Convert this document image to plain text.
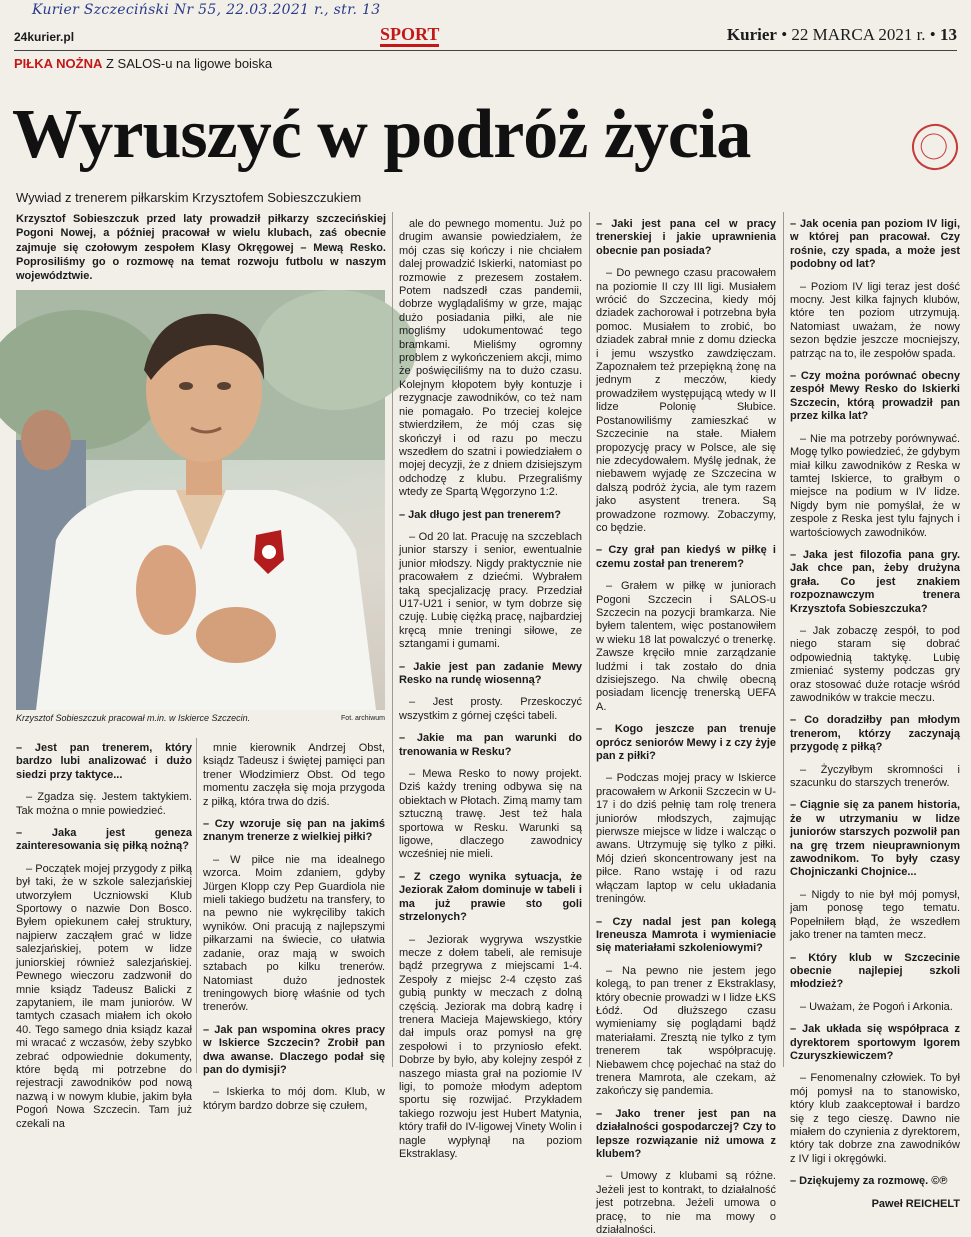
Kurier Szczeciński Nr 55, 22.03.2021 r., str. 13
24kurier.pl	SPORT	Kurier • 22 MARCA 2021 r. • 13
PIŁKA NOŻNA Z SALOS-u na ligowe boiska
Wyruszyć w podróż życia
Wywiad z trenerem piłkarskim Krzysztofem Sobieszczukiem
Krzysztof Sobieszczuk przed laty prowadził piłkarzy szczecińskiej Pogoni Nowej, a później pracował w wielu klubach, zaś obecnie zajmuje się czołowym zespołem Klasy Okręgowej – Mewą Resko. Poprosiliśmy go o rozmowę na temat rozwoju futbolu w naszym województwie.
Krzysztof Sobieszczuk pracował m.in. w Iskierce Szczecin.	Fot. archiwum

– Jest pan trenerem, który bardzo lubi analizować i dużo siedzi przy taktyce...

– Zgadza się. Jestem taktykiem. Tak można o mnie powiedzieć.

– Jaka jest geneza zainteresowania się piłką nożną?

– Początek mojej przygody z piłką był taki, że w szkole salezjańskiej utworzyłem Uczniowski Klub Sportowy o nazwie Don Bosco. Byłem opiekunem całej struktury, najpierw zacząłem grać w lidze salezjańskiej, potem w lidze juniorskiej również salezjańskiej. Pewnego wieczoru zadzwonił do mnie ksiądz Tadeusz Balicki z zapytaniem, ile mam juniorów. W tamtych czasach miałem ich około 40. Tego samego dnia ksiądz kazał mi wracać z wczasów, żeby szybko zebrać odpowiednie dokumenty, które będą mi potrzebne do rejestracji zawodników pod nową nazwą i w nowym klubie, jakim była Pogoń Nowa Szczecin. Tam już czekali na

mnie kierownik Andrzej Obst, ksiądz Tadeusz i świętej pamięci pan trener Włodzimierz Obst. Od tego momentu zaczęła się moja przygoda z piłką, która trwa do dziś.

– Czy wzoruje się pan na jakimś znanym trenerze z wielkiej piłki?

– W piłce nie ma idealnego wzorca. Moim zdaniem, gdyby Jürgen Klopp czy Pep Guardiola nie mieli takiego budżetu na transfery, to na pewno nie wykręciliby takich wyników. Oni pracują z najlepszymi piłkarzami na świecie, co ułatwia zadanie, oraz mają w swoich sztabach po kilku trenerów. Natomiast dużo jednostek treningowych biorę właśnie od tych trenerów.

– Jak pan wspomina okres pracy w Iskierce Szczecin? Zrobił pan dwa awanse. Dlaczego podał się pan do dymisji?

– Iskierka to mój dom. Klub, w którym bardzo dobrze się czułem,

ale do pewnego momentu. Już po drugim awansie powiedziałem, że mój czas się kończy i nie chciałem dalej prowadzić Iskierki, natomiast po rozmowie z prezesem zostałem. Potem nadszedł czas pandemii, dobrze wyglądaliśmy w grze, mając dużo posiadania piłki, ale nie mogliśmy udokumentować tego bramkami. Mieliśmy ogromny problem z wykończeniem akcji, mimo że poświęciliśmy na to dużo czasu. Kolejnym kłopotem były kontuzje i rezygnacje zawodników, co też nam nie pomagało. Po trzeciej kolejce stwierdziłem, że mój czas się skończył i od razu po meczu wszedłem do szatni i powiedziałem o mojej decyzji, że z dniem dzisiejszym odchodzę z klubu. Przegraliśmy wtedy ze Spartą Węgorzyno 1:2.

– Jak długo jest pan trenerem?

– Od 20 lat. Pracuję na szczeblach junior starszy i senior, ewentualnie junior młodszy. Nigdy praktycznie nie pracowałem z dziećmi. Wybrałem taką specjalizację pracy. Przedział U17-U21 i senior, w tym dobrze się czuję. Lubię ciężką pracę, najbardziej kręcą mnie treningi siłowe, ze sztangami i gumami.

– Jakie jest pan zadanie Mewy Resko na rundę wiosenną?

– Jest prosty. Przeskoczyć wszystkim z górnej części tabeli.

– Jakie ma pan warunki do trenowania w Resku?

– Mewa Resko to nowy projekt. Dziś każdy trening odbywa się na obiektach w Płotach. Zimą mamy tam sztuczną trawę. Jest też hala sportowa w Resku. Warunki są ligowe, dlaczego zawodnicy wcześniej nie mieli.

– Z czego wynika sytuacja, że Jeziorak Załom dominuje w tabeli i ma już prawie sto goli strzelonych?

– Jeziorak wygrywa wszystkie mecze z dołem tabeli, ale remisuje bądź przegrywa z miejscami 1-4. Zespoły z miejsc 2-4 często zaś gubią punkty w meczach z dolną częścią. Jeziorak ma dobrą kadrę i trenera Macieja Majewskiego, który dał impuls oraz pomysł na grę zespołowi i to przyniosło efekt. Dobrze by było, aby kolejny zespół z naszego miasta grał na poziomie IV ligi, to pomoże młodym adeptom sportu się rozwijać. Przykładem takiego rozwoju jest Hubert Matynia, który trafił do IV-ligowej Vinety Wolin i nagle wypłynął na poziom Ekstraklasy.

– Jaki jest pana cel w pracy trenerskiej i jakie uprawnienia obecnie pan posiada?

– Do pewnego czasu pracowałem na poziomie II czy III ligi. Musiałem wrócić do Szczecina, kiedy mój dziadek zachorował i potrzebna była pomoc. Musiałem to zrobić, bo dziadek zabrał mnie z domu dziecka i jemu wszystko zawdzięczam. Zapoznałem też przepiękną żonę na jednym z meczów, kiedy prowadziłem występującą wtedy w II lidze Polonię Słubice. Postanowiliśmy zamieszkać w Szczecinie na stałe. Miałem propozycję pracy w Polsce, ale się nie zdecydowałem. Myślę jednak, że niebawem wyjadę ze Szczecina w dalszą podróż życia, ale tym razem jako asystent trenera. Są prowadzone rozmowy. Zobaczymy, co będzie.

– Czy grał pan kiedyś w piłkę i czemu został pan trenerem?

– Grałem w piłkę w juniorach Pogoni Szczecin i SALOS-u Szczecin na pozycji bramkarza. Nie byłem talentem, więc postanowiłem w wieku 18 lat powalczyć o trenerkę. Zawsze kręciło mnie zarządzanie ludźmi i tak zostało do dnia dzisiejszego. Na chwilę obecną posiadam licencję trenerską UEFA A.

– Kogo jeszcze pan trenuje oprócz seniorów Mewy i z czy żyje pan z piłki?

– Podczas mojej pracy w Iskierce pracowałem w Arkonii Szczecin w U-17 i do dziś pełnię tam rolę trenera juniorów młodszych, zajmując pierwsze miejsce w lidze i walcząc o awans. Utrzymuję się tylko z piłki. Mój dzień skoncentrowany jest na piłce. Rano wstaję i od razu włączam laptop w celu układania treningów.

– Czy nadal jest pan kolegą Ireneusza Mamrota i wymieniacie się materiałami szkoleniowymi?

– Na pewno nie jestem jego kolegą, to pan trener z Ekstraklasy, który obecnie prowadzi w I lidze ŁKS Łódź. Od dłuższego czasu wymieniamy się poglądami bądź materiałami. Zresztą nie tylko z tym trenerem tak współpracuję. Niebawem chcę pojechać na staż do trenera Mamrota, ale czekam, aż zakończy się pandemia.

– Jako trener jest pan na działalności gospodarczej? Czy to lepsze rozwiązanie niż umowa z klubem?

– Umowy z klubami są różne. Jeżeli jest to kontrakt, to działalność jest potrzebna. Jeżeli umowa o pracę, to nie ma mowy o działalności.

– Jak ocenia pan poziom IV ligi, w której pan pracował. Czy rośnie, czy spada, a może jest podobny od lat?

– Poziom IV ligi teraz jest dość mocny. Jest kilka fajnych klubów, które ten poziom utrzymują. Natomiast uważam, że nowy sezon będzie jeszcze mocniejszy, patrząc na to, ile zespołów spada.

– Czy można porównać obecny zespół Mewy Resko do Iskierki Szczecin, którą prowadził pan przez kilka lat?

– Nie ma potrzeby porównywać. Mogę tylko powiedzieć, że gdybym miał kilku zawodników z Reska w tamtej Iskierce, to grałbym o miejsce na podium w IV lidze. Nigdy bym nie pomyślał, że w zespole z Reska jest tylu fajnych i wartościowych zawodników.

– Jaka jest filozofia pana gry. Jak chce pan, żeby drużyna grała. Co jest znakiem rozpoznawczym trenera Krzysztofa Sobieszczuka?

– Jak zobaczę zespół, to pod niego staram się dobrać odpowiednią taktykę. Lubię zmieniać systemy podczas gry oraz stosować duże rotacje wśród zawodników w trakcie meczu.

– Co doradziłby pan młodym trenerom, którzy zaczynają przygodę z piłką?

– Życzyłbym skromności i szacunku do starszych trenerów.

– Ciągnie się za panem historia, że w utrzymaniu w lidze juniorów starszych pozwolił pan na grę trzem nieuprawnionym zawodnikom. To były czasy Chojniczanki Chojnice...

– Nigdy to nie był mój pomysł, jam ponosę tego tematu. Popełniłem błąd, że wszedłem jako trener na tamten mecz.

– Który klub w Szczecinie obecnie najlepiej szkoli młodzież?

– Uważam, że Pogoń i Arkonia.

– Jak układa się współpraca z dyrektorem sportowym Igorem Czuryszkiewiczem?

– Fenomenalny człowiek. To był mój pomysł na to stanowisko, który klub zaakceptował i bardzo się z tego cieszę. Dawno nie miałem do czynienia z dyrektorem, który tak dobrze zna zawodników z IV ligi i okręgówki.

– Dziękujemy za rozmowę. ©℗

Paweł REICHELT
